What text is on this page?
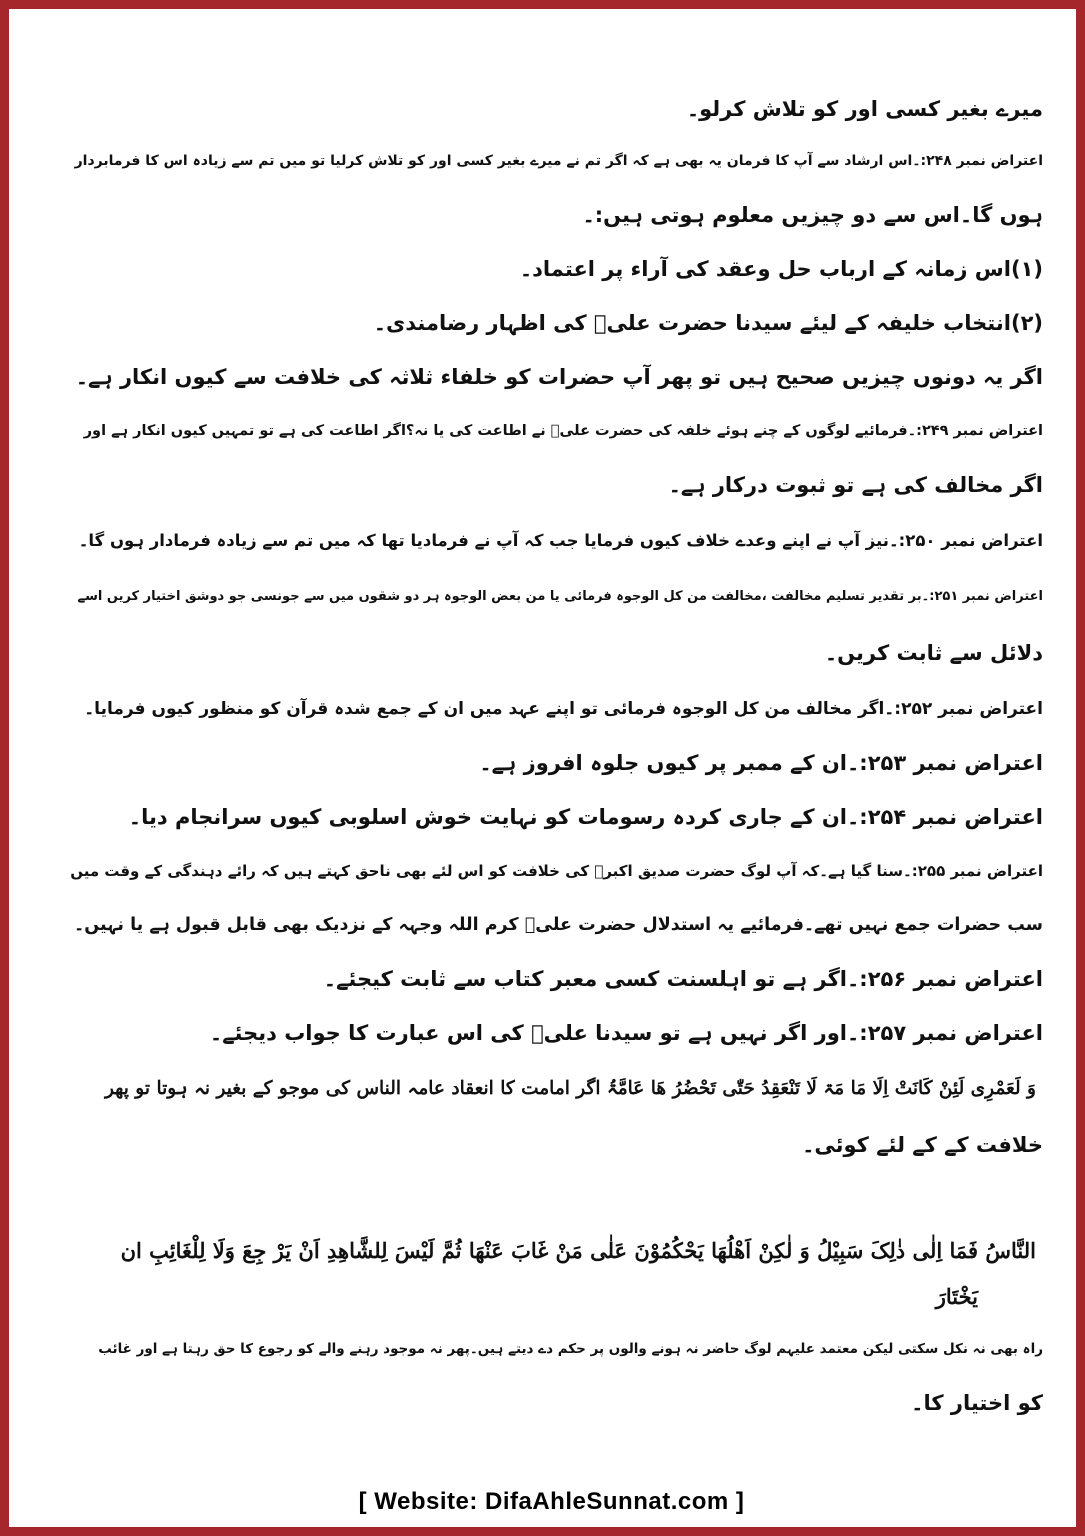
میرے بغیر کسی اور کو تلاش کرلو۔
اعتراض نمبر ۲۴۸:۔اس ارشاد سے آپ کا فرمان یہ بھی ہے کہ اگر تم نے میرے بغیر کسی اور کو تلاش کرلیا تو میں تم سے زیادہ اس کا فرمابردار
ہوں گا۔اس سے دو چیزیں معلوم ہوتی ہیں:۔
(۱)اس زمانہ کے ارباب حل وعقد کی آراء پر اعتماد۔
(۲)انتخاب خلیفہ کے لیئے سیدنا حضرت علیؓ کی اظہار رضامندی۔
اگر یہ دونوں چیزیں صحیح ہیں تو پھر آپ حضرات کو خلفاء ثلاثہ کی خلافت سے کیوں انکار ہے۔
اعتراض نمبر ۲۴۹:۔فرمائیے لوگوں کے چنے ہوئے خلفہ کی حضرت علیؓ نے اطاعت کی یا نہ؟اگر اطاعت کی ہے تو تمہیں کیوں انکار ہے اور
اگر مخالف کی ہے تو ثبوت درکار ہے۔
اعتراض نمبر ۲۵۰:۔نیز آپ نے اپنے وعدے خلاف کیوں فرمایا جب کہ آپ نے فرمادیا تھا کہ میں تم سے زیادہ فرمادار ہوں گا۔
اعتراض نمبر ۲۵۱:۔بر تقدیر تسلیم مخالفت ،مخالفت من کل الوجوہ فرمائی یا من بعض الوجوہ ہر دو شقوں میں سے جونسی جو دوشق اختیار کریں اسے
دلائل سے ثابت کریں۔
اعتراض نمبر ۲۵۲:۔اگر مخالف من کل الوجوہ فرمائی تو اپنے عہد میں ان کے جمع شدہ قرآن کو منظور کیوں فرمایا۔
اعتراض نمبر ۲۵۳:۔ان کے ممبر پر کیوں جلوہ افروز ہے۔
اعتراض نمبر ۲۵۴:۔ان کے جاری کردہ رسومات کو نہایت خوش اسلوبی کیوں سرانجام دیا۔
اعتراض نمبر ۲۵۵:۔سنا گیا ہے۔کہ آپ لوگ حضرت صدیق اکبرؓ کی خلافت کو اس لئے بھی ناحق کہتے ہیں کہ رائے دہندگی کے وقت میں
سب حضرات جمع نہیں تھے۔فرمائیے یہ استدلال حضرت علیؓ کرم اللہ وجہہ کے نزدیک بھی قابل قبول ہے یا نہیں۔
اعتراض نمبر ۲۵۶:۔اگر ہے تو اہلسنت کسی معبر کتاب سے ثابت کیجئے۔
اعتراض نمبر ۲۵۷:۔اور اگر نہیں ہے تو سیدنا علیؓ کی اس عبارت کا جواب دیجئے۔
وَ لَعَمْرِی لَئِنْ کَانَتْ اِلَا مَا مَۃ لَا تَنْعَقِدُ حَتّٰی تَحْضُرُ ھَا عَامَّۃُ اگر امامت کا انعقاد عامہ الناس کی موجو کے بغیر نہ ہوتا تو پھر
خلافت کے کے لئے کوئی۔
النَّاسُ فَمَا اِلٰی ذٰلِکَ سَبِیْلُ وَ لٰکِنْ اَھْلُھَا یَحْکُمُوْنَ عَلٰی مَنْ غَابَ عَنْھَا ثُمَّ لَیْسَ لِلشَّاھِدِ اَنْ یَرْ جِعَ وَلَا لِلْغَائِبِ ان
یَخْتَارَ
راہ بھی نہ نکل سکتی لیکن معتمد علیہم لوگ حاضر نہ ہونے والوں پر حکم دے دیتے ہیں۔پھر نہ موجود رہنے والے کو رجوع کا حق رہتا ہے اور غائب
کو اختیار کا۔
[ Website: DifaAhleSunnat.com ]
